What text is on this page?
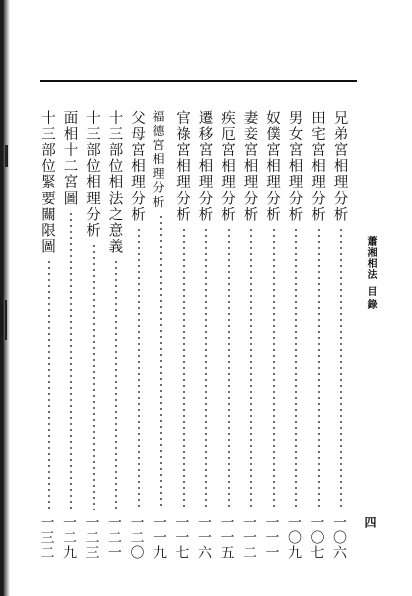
蕭湘相法
目錄
四
兄弟宮相理分析
一〇六
田宅宮相理分析
一〇七
男女宮相理分析
一〇九
奴僕宮相理分析
一一一
妻妾宮相理分析
一一二
疾厄宮相理分析
一一五
遷移宮相理分析
一一六
官祿宮相理分析
一一七
福德宮相理分析
一一九
父母宮相理分析
一二〇
十三部位相法之意義
一二一
十三部位相理分析
一二三
面相十二宮圖
一二九
十三部位緊要關限圖
一三二
